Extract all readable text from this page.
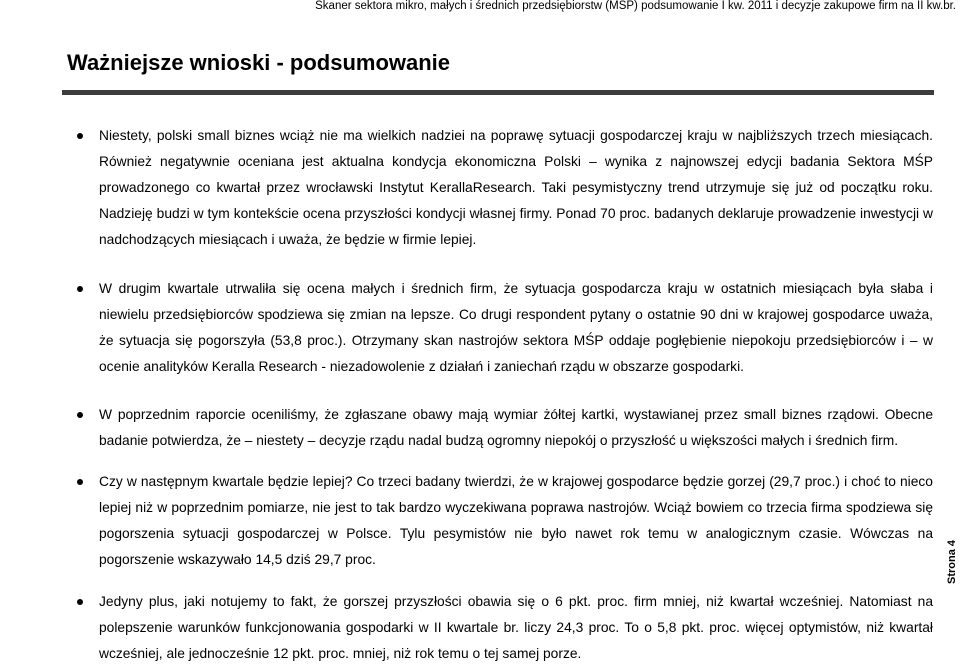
Skaner sektora mikro, małych i średnich przedsiębiorstw (MŚP) podsumowanie I kw. 2011 i decyzje zakupowe firm na II kw.br.
Ważniejsze wnioski - podsumowanie
Niestety, polski small biznes wciąż nie ma wielkich nadziei na poprawę sytuacji gospodarczej kraju w najbliższych trzech miesiącach. Również negatywnie oceniana jest aktualna kondycja ekonomiczna Polski – wynika z najnowszej edycji badania Sektora MŚP prowadzonego co kwartał przez wrocławski Instytut KerallaResearch. Taki pesymistyczny trend utrzymuje się już od początku roku. Nadzieję budzi w tym kontekście ocena przyszłości kondycji własnej firmy. Ponad 70 proc. badanych deklaruje prowadzenie inwestycji w nadchodzących miesiącach i uważa, że będzie w firmie lepiej.
W drugim kwartale utrwaliła się ocena małych i średnich firm, że sytuacja gospodarcza kraju w ostatnich miesiącach była słaba i niewielu przedsiębiorców spodziewa się zmian na lepsze. Co drugi respondent pytany o ostatnie 90 dni w krajowej gospodarce uważa, że sytuacja się pogorszyła (53,8 proc.). Otrzymany skan nastrojów sektora MŚP oddaje pogłębienie niepokoju przedsiębiorców i – w ocenie analityków Keralla Research - niezadowolenie z działań i zaniechań rządu w obszarze gospodarki.
W poprzednim raporcie oceniliśmy, że zgłaszane obawy mają wymiar żółtej kartki, wystawianej przez small biznes rządowi. Obecne badanie potwierdza, że – niestety – decyzje rządu nadal budzą ogromny niepokój o przyszłość u większości małych i średnich firm.
Czy w następnym kwartale będzie lepiej? Co trzeci badany twierdzi, że w krajowej gospodarce będzie gorzej (29,7 proc.) i choć to nieco lepiej niż w poprzednim pomiarze, nie jest to tak bardzo wyczekiwana poprawa nastrojów. Wciąż bowiem co trzecia firma spodziewa się pogorszenia sytuacji gospodarczej w Polsce. Tylu pesymistów nie było nawet rok temu w analogicznym czasie. Wówczas na pogorszenie wskazywało 14,5 dziś 29,7 proc.
Jedyny plus, jaki notujemy to fakt, że gorszej przyszłości obawia się o 6 pkt. proc. firm mniej, niż kwartał wcześniej. Natomiast na polepszenie warunków funkcjonowania gospodarki w II kwartale br. liczy 24,3 proc. To o 5,8 pkt. proc. więcej optymistów, niż kwartał wcześniej, ale jednocześnie 12 pkt. proc. mniej, niż rok temu o tej samej porze.
Strona 4
